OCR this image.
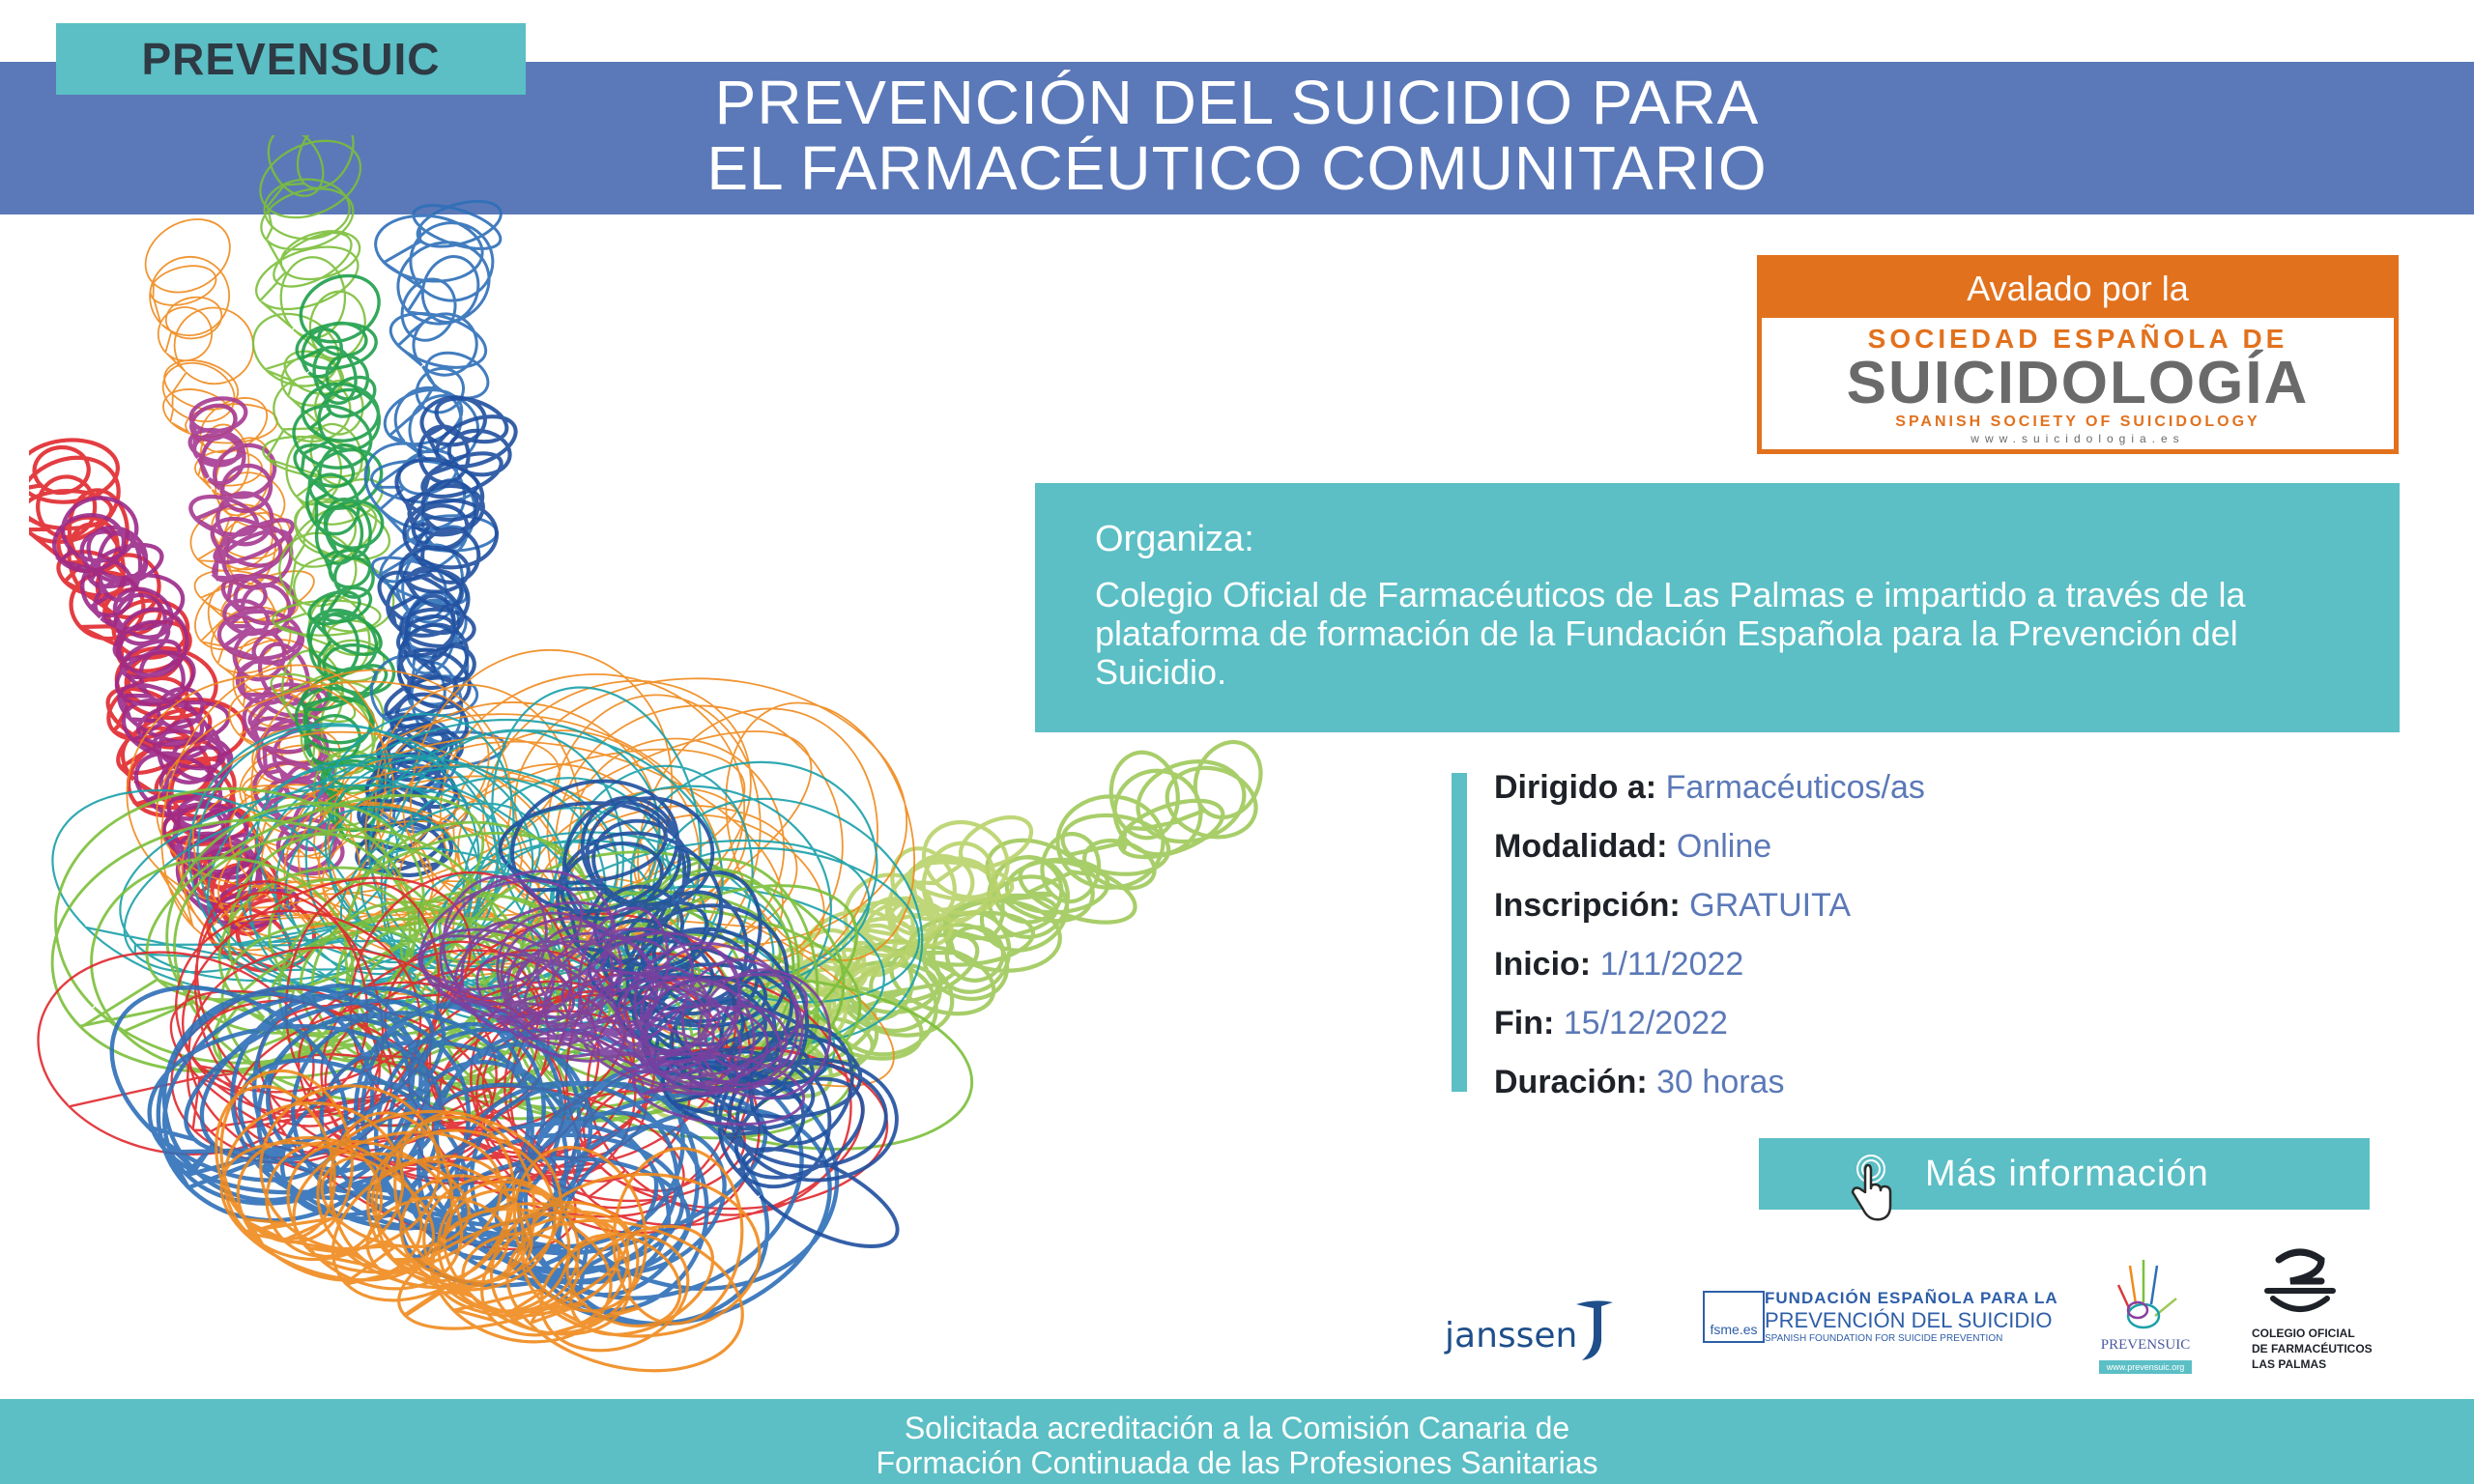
PREVENSUIC
PREVENCIÓN DEL SUICIDIO PARA
EL FARMACÉUTICO COMUNITARIO
Avalado por la
SOCIEDAD ESPAÑOLA DE
SUICIDOLOGÍA
SPANISH SOCIETY OF SUICIDOLOGY
www.suicidologia.es
Organiza:
Colegio Oficial de Farmacéuticos de Las Palmas e impartido a través de la plataforma de formación de la Fundación Española para la Prevención del Suicidio.
Dirigido a: Farmacéuticos/as
Modalidad: Online
Inscripción: GRATUITA
Inicio: 1/11/2022
Fin: 15/12/2022
Duración: 30 horas
Más información
janssen	fsme.es
FUNDACIÓN ESPAÑOLA PARA LA
PREVENCIÓN DEL SUICIDIO
SPANISH FOUNDATION FOR SUICIDE PREVENTION	PREVENSUIC
www.prevensuic.org
COLEGIO OFICIAL
DE FARMACÉUTICOS
LAS PALMAS
Solicitada acreditación a la Comisión Canaria de
Formación Continuada de las Profesiones Sanitarias
